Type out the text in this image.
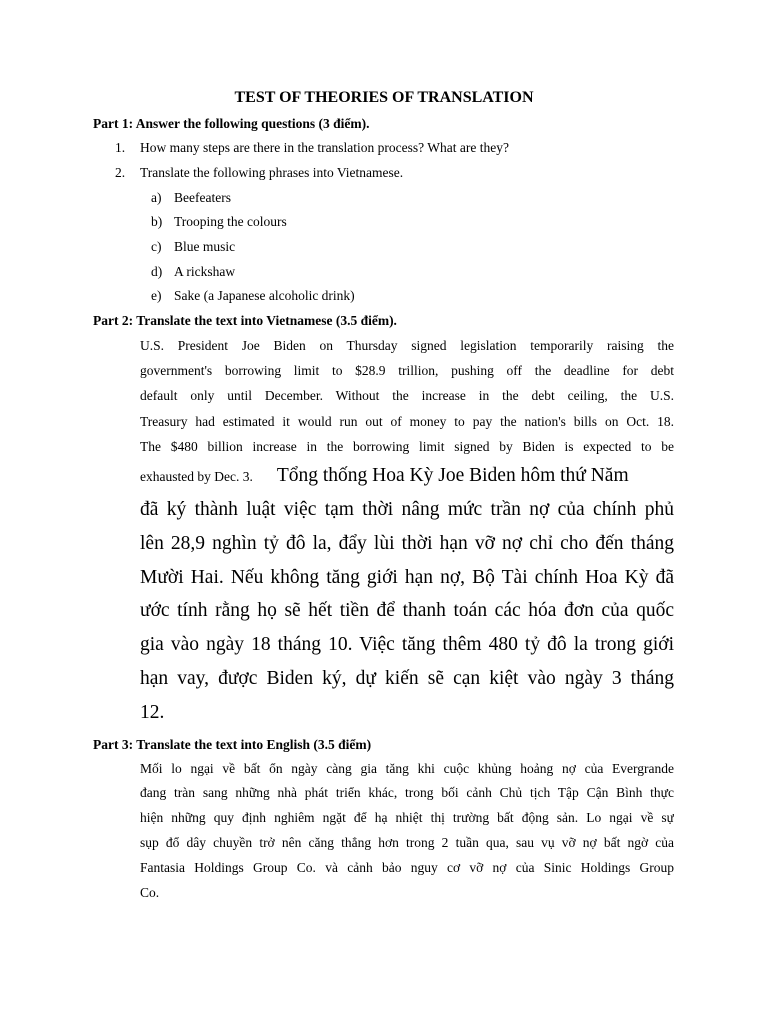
TEST OF THEORIES OF TRANSLATION
Part 1: Answer the following questions (3 điểm).
1. How many steps are there in the translation process? What are they?
2. Translate the following phrases into Vietnamese.
a) Beefeaters
b) Trooping the colours
c) Blue music
d) A rickshaw
e) Sake (a Japanese alcoholic drink)
Part 2: Translate the text into Vietnamese (3.5 điểm).
U.S. President Joe Biden on Thursday signed legislation temporarily raising the
government's borrowing limit to $28.9 trillion, pushing off the deadline for debt
default only until December. Without the increase in the debt ceiling, the U.S.
Treasury had estimated it would run out of money to pay the nation's bills on Oct. 18.
The $480 billion increase in the borrowing limit signed by Biden is expected to be
exhausted by Dec. 3. Tổng thống Hoa Kỳ Joe Biden hôm thứ Năm
đã ký thành luật việc tạm thời nâng mức trần nợ của chính phủ
lên 28,9 nghìn tỷ đô la, đẩy lùi thời hạn vỡ nợ chỉ cho đến tháng
Mười Hai. Nếu không tăng giới hạn nợ, Bộ Tài chính Hoa Kỳ đã
ước tính rằng họ sẽ hết tiền để thanh toán các hóa đơn của quốc
gia vào ngày 18 tháng 10. Việc tăng thêm 480 tỷ đô la trong giới
hạn vay, được Biden ký, dự kiến sẽ cạn kiệt vào ngày 3 tháng
12.
Part 3: Translate the text into English (3.5 điểm)
Mối lo ngại về bất ổn ngày càng gia tăng khi cuộc khủng hoảng nợ của Evergrande
đang tràn sang những nhà phát triển khác, trong bối cảnh Chủ tịch Tập Cận Bình thực
hiện những quy định nghiêm ngặt để hạ nhiệt thị trường bất động sản. Lo ngại về sự
sụp đổ dây chuyền trở nên căng thẳng hơn trong 2 tuần qua, sau vụ vỡ nợ bất ngờ của
Fantasia Holdings Group Co. và cảnh bảo nguy cơ vỡ nợ của Sinic Holdings Group
Co.
